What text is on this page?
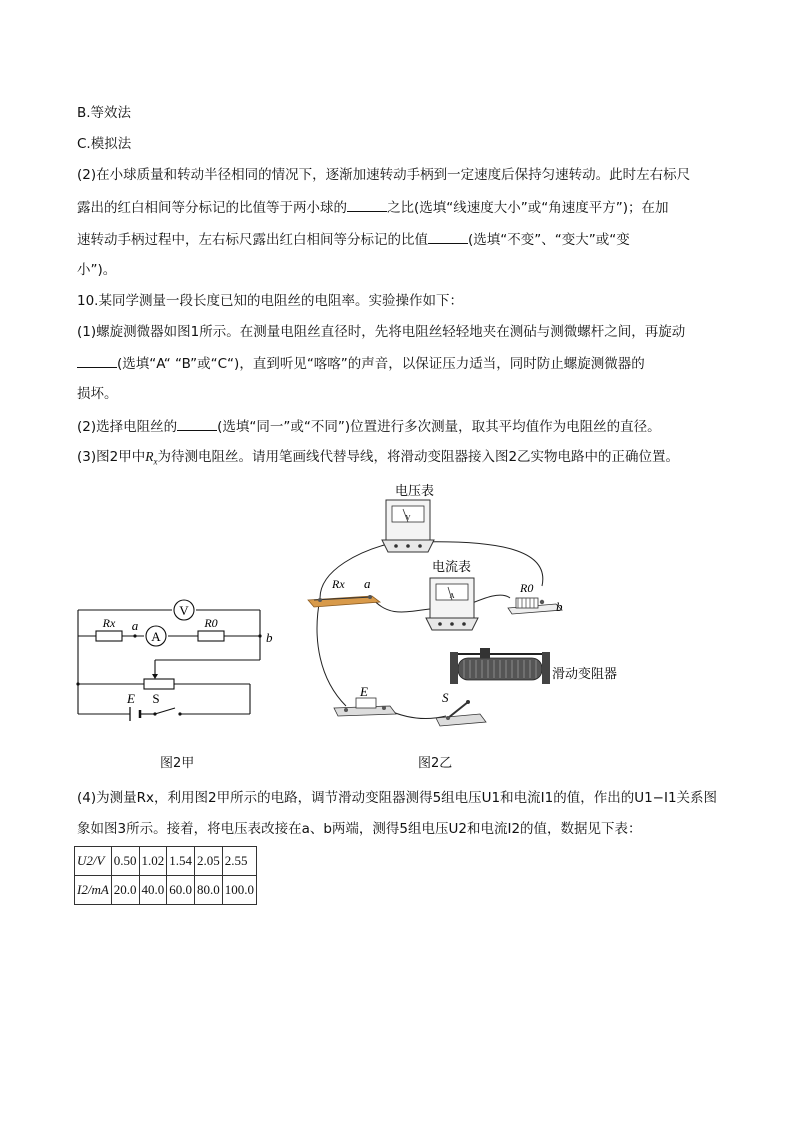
B.等效法
C.模拟法
(2)在小球质量和转动半径相同的情况下，逐渐加速转动手柄到一定速度后保持匀速转动。此时左右标尺
露出的红白相间等分标记的比值等于两小球的	之比(选填“线速度大小”或“角速度平方”)；在加
速转动手柄过程中，左右标尺露出红白相间等分标记的比值	(选填“不变”、“变大”或“变
小”)。
10.某同学测量一段长度已知的电阻丝的电阻率。实验操作如下：
(1)螺旋测微器如图1所示。在测量电阻丝直径时，先将电阻丝轻轻地夹在测砧与测微螺杆之间，再旋动
(选填“A“ “B”或“C“)，直到听见“喀喀”的声音，以保证压力适当，同时防止螺旋测微器的
损坏。
(2)选择电阻丝的	(选填“同一”或“不同”)位置进行多次测量，取其平均值作为电阻丝的直径。
(3)图2甲中$R_x$为待测电阻丝。请用笔画线代替导线，将滑动变阻器接入图2乙实物电路中的正确位置。
V
A
Rx	R0
a
b
E S
图2甲
V
电压表
A
电流表
Rx a	R0
b
滑动变阻器
E	S
图2乙
(4)为测量Rx，利用图2甲所示的电路，调节滑动变阻器测得5组电压U1和电流I1的值，作出的U1−I1关系图
象如图3所示。接着，将电压表改接在a、b两端，测得5组电压U2和电流I2的值，数据见下表：
U2/V	0.50	1.02	1.54	2.05	2.55
I2/mA	20.0	40.0	60.0	80.0	100.0
